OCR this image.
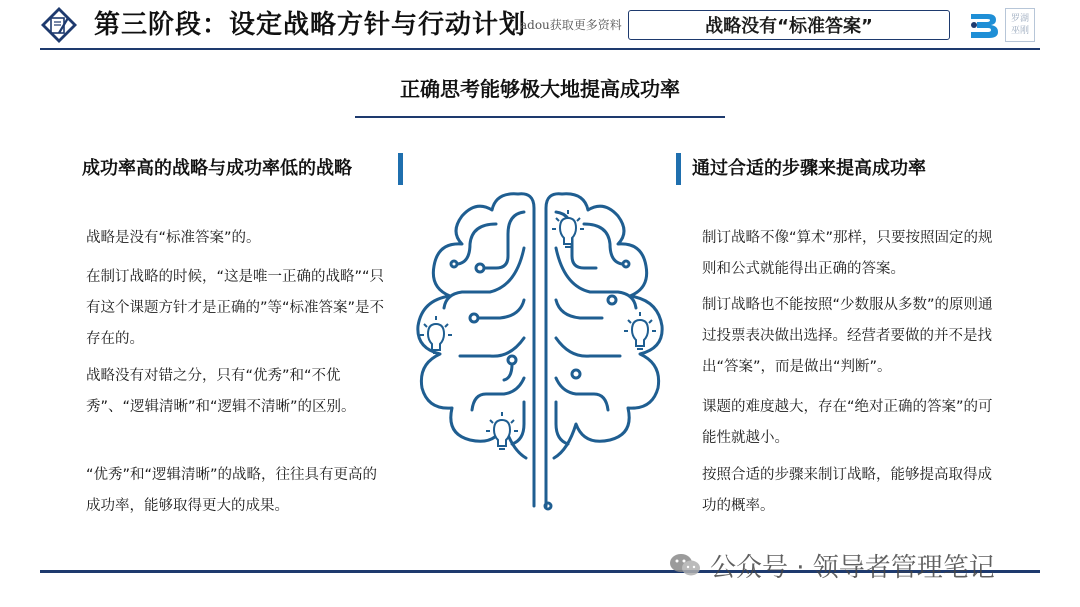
第三阶段：设定战略方针与行动计划
adou获取更多资料	战略没有“标准答案”	罗湖
巫刚
正确思考能够极大地提高成功率
成功率高的战略与成功率低的战略	通过合适的步骤来提高成功率
战略是没有“标准答案”的。
在制订战略的时候，“这是唯一正确的战略”“只有这个课题方针才是正确的”等“标准答案”是不存在的。
战略没有对错之分，只有“优秀”和“不优秀”、“逻辑清晰”和“逻辑不清晰”的区别。
“优秀”和“逻辑清晰”的战略，往往具有更高的成功率，能够取得更大的成果。
制订战略不像“算术”那样，只要按照固定的规则和公式就能得出正确的答案。
制订战略也不能按照“少数服从多数”的原则通过投票表决做出选择。经营者要做的并不是找出“答案”，而是做出“判断”。
课题的难度越大，存在“绝对正确的答案”的可能性就越小。
按照合适的步骤来制订战略，能够提高取得成功的概率。
公众号 · 领导者管理笔记
